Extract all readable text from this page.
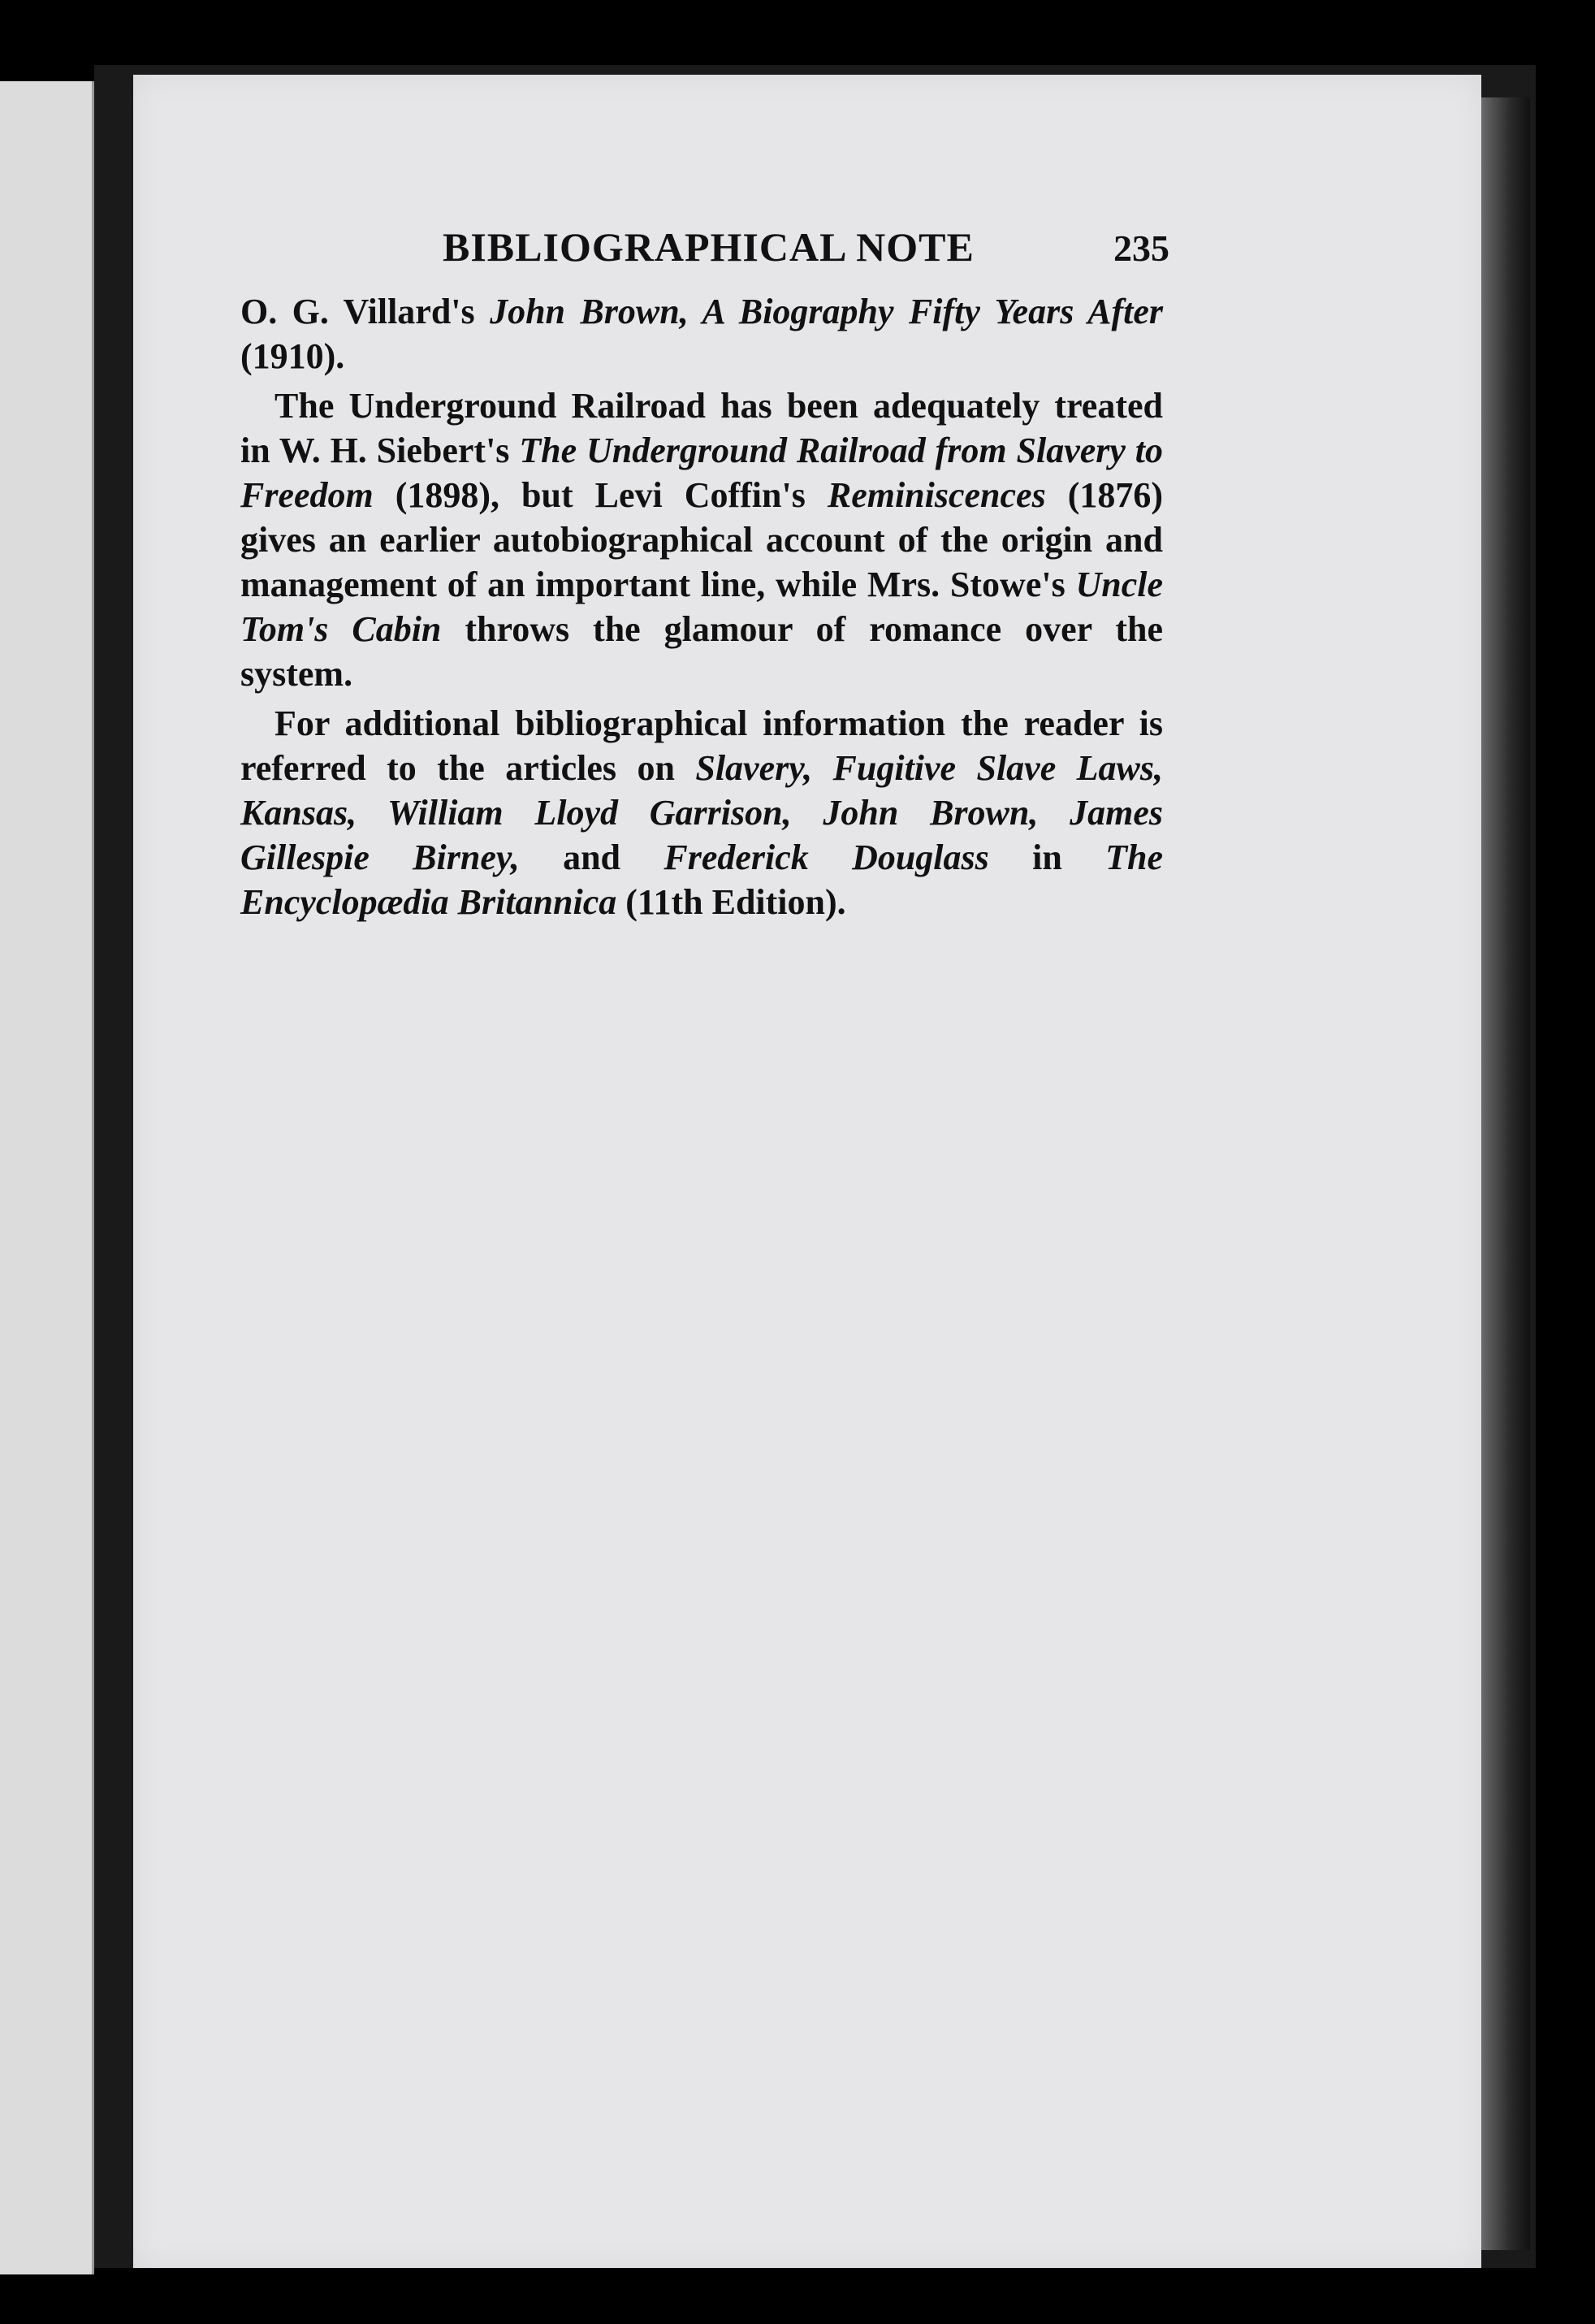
BIBLIOGRAPHICAL NOTE	235

O. G. Villard's John Brown, A Biography Fifty Years After (1910).

The Underground Railroad has been adequately treated in W. H. Siebert's The Underground Railroad from Slavery to Freedom (1898), but Levi Coffin's Reminiscences (1876) gives an earlier autobiographical account of the origin and management of an important line, while Mrs. Stowe's Uncle Tom's Cabin throws the glamour of romance over the system.

For additional bibliographical information the reader is referred to the articles on Slavery, Fugitive Slave Laws, Kansas, William Lloyd Garrison, John Brown, James Gillespie Birney, and Frederick Douglass in The Encyclopædia Britannica (11th Edition).
